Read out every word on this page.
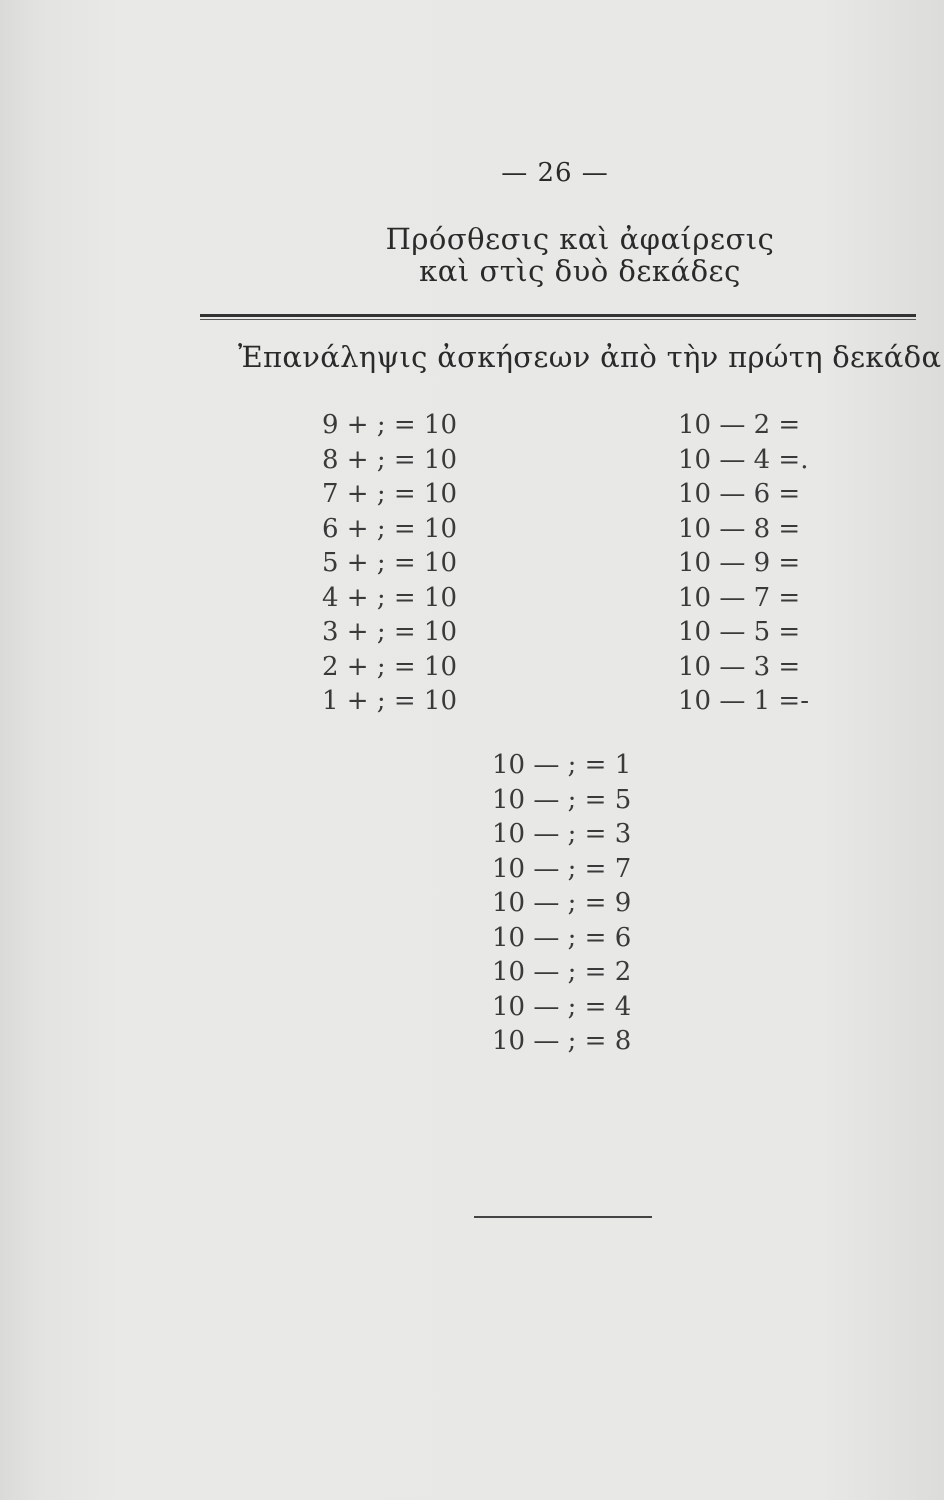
— 26 —
Πρόσθεσις καὶ ἀφαίρεσις
καὶ στὶς δυὸ δεκάδες
Ἐπανάληψις ἀσκήσεων ἀπὸ τὴν πρώτη δεκάδα
9 + ; = 10
8 + ; = 10
7 + ; = 10
6 + ; = 10
5 + ; = 10
4 + ; = 10
3 + ; = 10
2 + ; = 10
1 + ; = 10
10 — 2 =
10 — 4 =.
10 — 6 =
10 — 8 =
10 — 9 =
10 — 7 =
10 — 5 =
10 — 3 =
10 — 1 =-
10 — ; = 1
10 — ; = 5
10 — ; = 3
10 — ; = 7
10 — ; = 9
10 — ; = 6
10 — ; = 2
10 — ; = 4
10 — ; = 8
